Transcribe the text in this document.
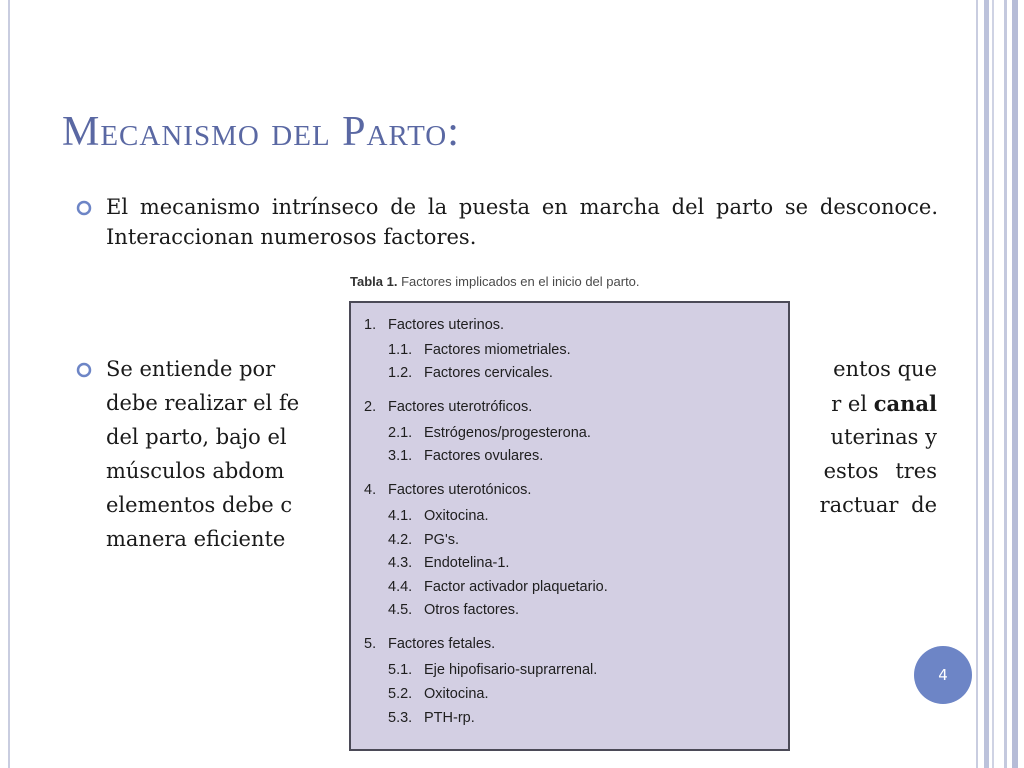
Mecanismo del Parto:

El mecanismo intrínseco de la puesta en marcha del parto se desconoce. Interaccionan numerosos factores.

Se entiende por	entos que
debe realizar el fe	r el canal
del parto, bajo el	uterinas y
músculos abdom	estos tres
elementos debe c	ractuar de
manera eficiente
Tabla 1. Factores implicados en el inicio del parto.
1. Factores uterinos.
1.1. Factores miometriales.
1.2. Factores cervicales.
2. Factores uterotróficos.
2.1. Estrógenos/progesterona.
3.1. Factores ovulares.
4. Factores uterotónicos.
4.1. Oxitocina.
4.2. PG's.
4.3. Endotelina-1.
4.4. Factor activador plaquetario.
4.5. Otros factores.
5. Factores fetales.
5.1. Eje hipofisario-suprarrenal.
5.2. Oxitocina.
5.3. PTH-rp.
4
